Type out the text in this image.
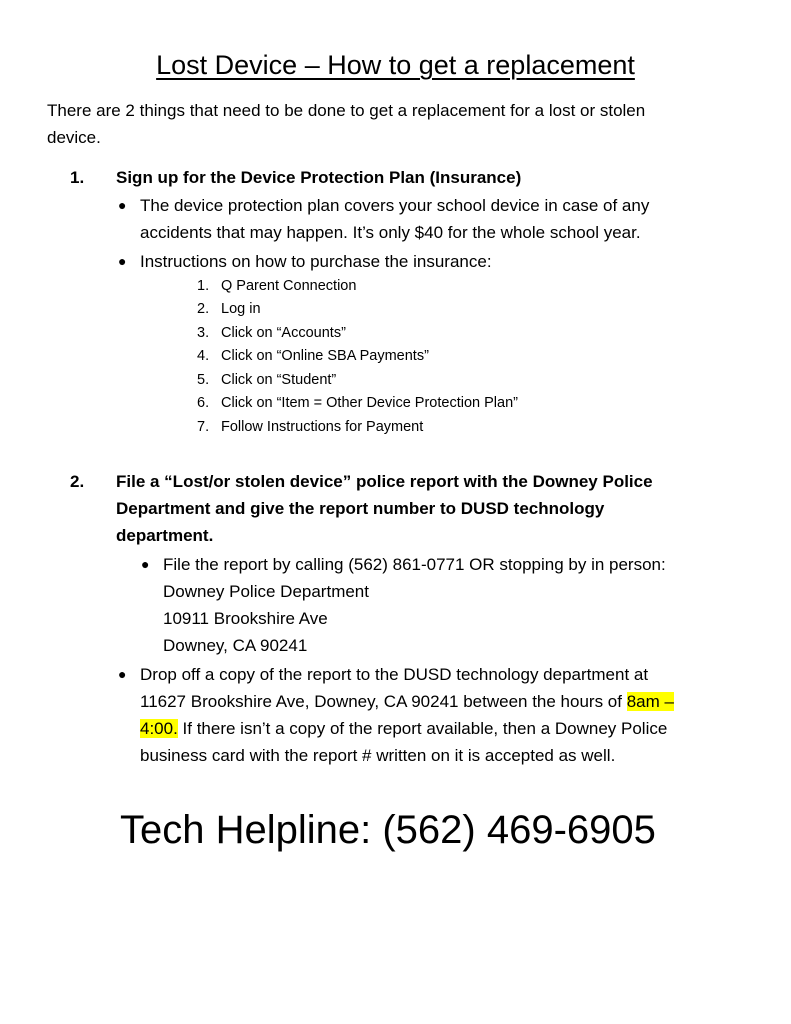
Lost Device – How to get a replacement
There are 2 things that need to be done to get a replacement for a lost or stolen
device.
1. Sign up for the Device Protection Plan (Insurance)
● The device protection plan covers your school device in case of any
accidents that may happen. It’s only $40 for the whole school year.
● Instructions on how to purchase the insurance:
1. Q Parent Connection
2. Log in
3. Click on “Accounts”
4. Click on “Online SBA Payments”
5. Click on “Student”
6. Click on “Item = Other Device Protection Plan”
7. Follow Instructions for Payment
2. File a “Lost/or stolen device” police report with the Downey Police
Department and give the report number to DUSD technology
department.
● File the report by calling (562) 861-0771 OR stopping by in person:
Downey Police Department
10911 Brookshire Ave
Downey, CA 90241
● Drop off a copy of the report to the DUSD technology department at
11627 Brookshire Ave, Downey, CA 90241 between the hours of 8am –
4:00. If there isn’t a copy of the report available, then a Downey Police
business card with the report # written on it is accepted as well.
Tech Helpline: (562) 469-6905
